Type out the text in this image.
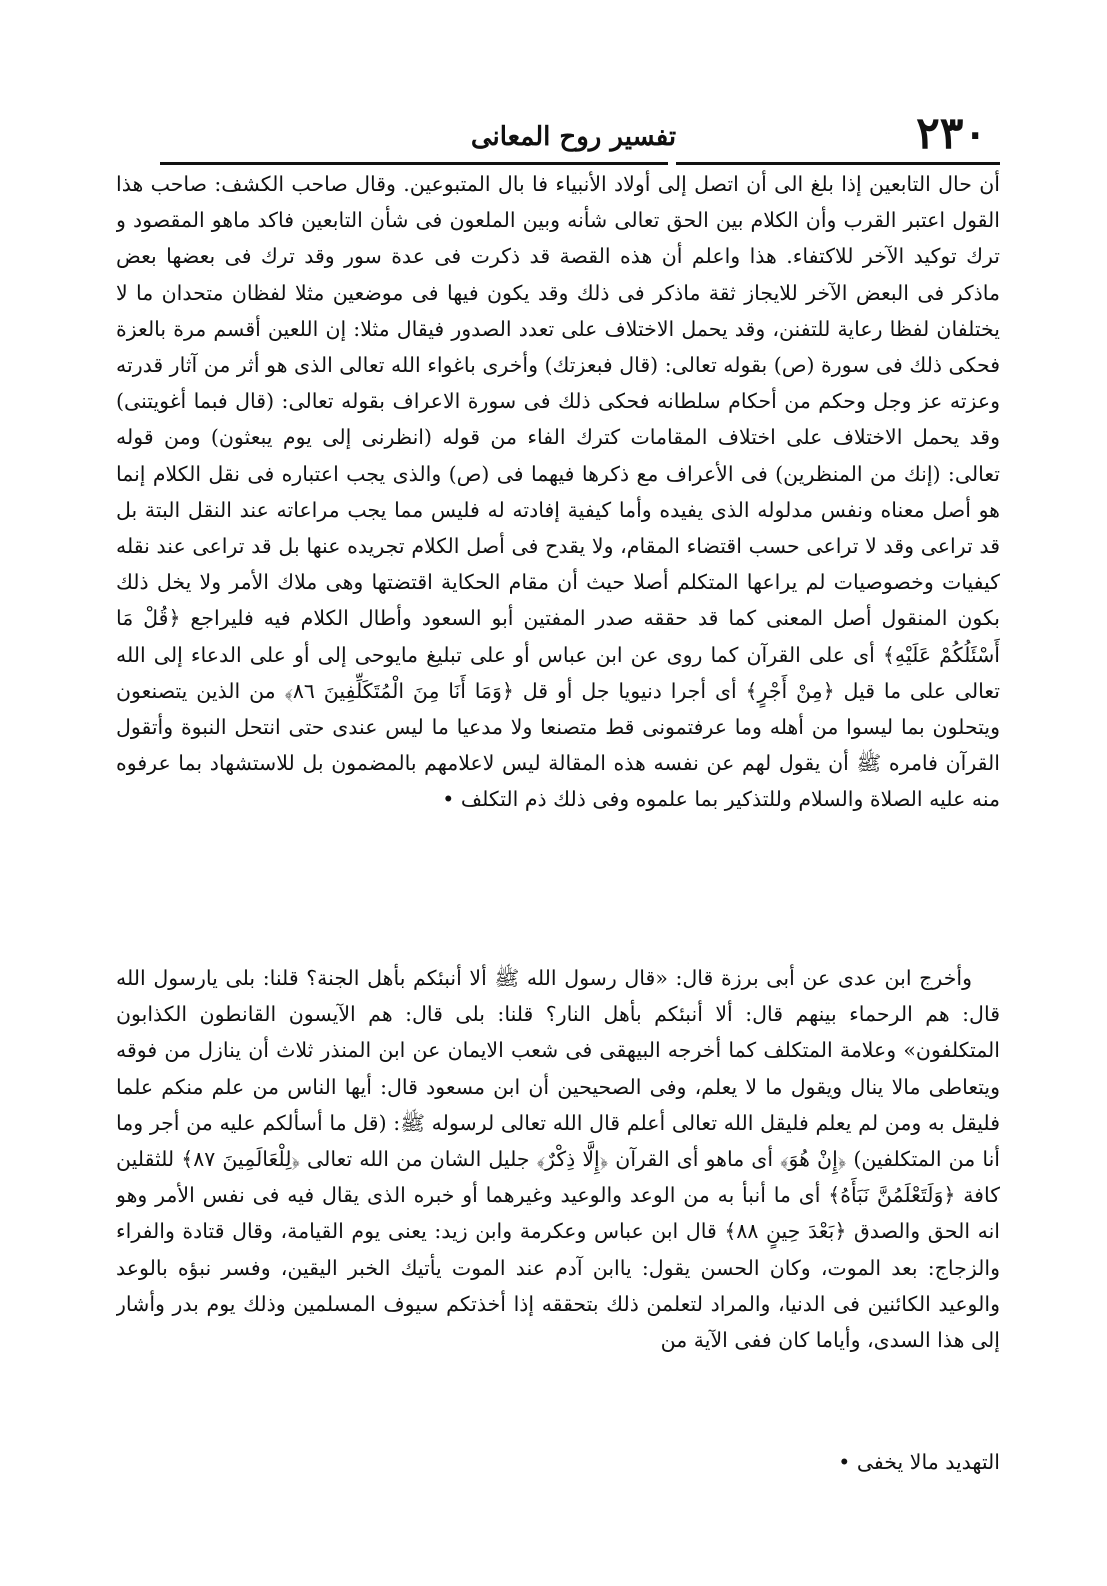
٢٣٠
تفسير روح المعانى
أن حال التابعين إذا بلغ الى أن اتصل إلى أولاد الأنبياء فا بال المتبوعين. وقال صاحب الكشف: صاحب هذا القول اعتبر القرب وأن الكلام بين الحق تعالى شأنه وبين الملعون فى شأن التابعين فاكد ماهو المقصود و ترك توكيد الآخر للاكتفاء. هذا واعلم أن هذه القصة قد ذكرت فى عدة سور وقد ترك فى بعضها بعض ماذكر فى البعض الآخر للايجاز ثقة ماذكر فى ذلك وقد يكون فيها فى موضعين مثلا لفظان متحدان ما لا يختلفان لفظا رعاية للتفنن، وقد يحمل الاختلاف على تعدد الصدور فيقال مثلا: إن اللعين أقسم مرة بالعزة فحكى ذلك فى سورة (ص) بقوله تعالى: (قال فبعزتك) وأخرى باغواء الله تعالى الذى هو أثر من آثار قدرته وعزته عز وجل وحكم من أحكام سلطانه فحكى ذلك فى سورة الاعراف بقوله تعالى: (قال فبما أغويتنى) وقد يحمل الاختلاف على اختلاف المقامات كترك الفاء من قوله (انظرنى إلى يوم يبعثون) ومن قوله تعالى: (إنك من المنظرين) فى الأعراف مع ذكرها فيهما فى (ص) والذى يجب اعتباره فى نقل الكلام إنما هو أصل معناه ونفس مدلوله الذى يفيده وأما كيفية إفادته له فليس مما يجب مراعاته عند النقل البتة بل قد تراعى وقد لا تراعى حسب اقتضاء المقام، ولا يقدح فى أصل الكلام تجريده عنها بل قد تراعى عند نقله كيفيات وخصوصيات لم يراعها المتكلم أصلا حيث أن مقام الحكاية اقتضتها وهى ملاك الأمر ولا يخل ذلك بكون المنقول أصل المعنى كما قد حققه صدر المفتين أبو السعود وأطال الكلام فيه فليراجع ﴿قُلْ مَا أَسْئَلُكُمْ عَلَيْهِ﴾ أى على القرآن كما روى عن ابن عباس أو على تبليغ مايوحى إلى أو على الدعاء إلى الله تعالى على ما قيل ﴿مِنْ أَجْرٍ﴾ أى أجرا دنيويا جل أو قل ﴿وَمَا أَنَا مِنَ الْمُتَكَلِّفِينَ ٨٦﴾ من الذين يتصنعون ويتحلون بما ليسوا من أهله وما عرفتمونى قط متصنعا ولا مدعيا ما ليس عندى حتى انتحل النبوة وأتقول القرآن فامره ﷺ أن يقول لهم عن نفسه هذه المقالة ليس لاعلامهم بالمضمون بل للاستشهاد بما عرفوه منه عليه الصلاة والسلام وللتذكير بما علموه وفى ذلك ذم التكلف •
وأخرج ابن عدى عن أبى برزة قال: «قال رسول الله ﷺ ألا أنبئكم بأهل الجنة؟ قلنا: بلى يارسول الله قال: هم الرحماء بينهم قال: ألا أنبئكم بأهل النار؟ قلنا: بلى قال: هم الآيسون القانطون الكذابون المتكلفون» وعلامة المتكلف كما أخرجه البيهقى فى شعب الايمان عن ابن المنذر ثلاث أن ينازل من فوقه ويتعاطى مالا ينال ويقول ما لا يعلم، وفى الصحيحين أن ابن مسعود قال: أيها الناس من علم منكم علما فليقل به ومن لم يعلم فليقل الله تعالى أعلم قال الله تعالى لرسوله ﷺ: (قل ما أسألكم عليه من أجر وما أنا من المتكلفين) ﴿إِنْ هُوَ﴾ أى ماهو أى القرآن ﴿إِلَّا ذِكْرٌ﴾ جليل الشان من الله تعالى ﴿لِلْعَالَمِينَ ٨٧﴾ للثقلين كافة ﴿وَلَتَعْلَمُنَّ نَبَأَهُ﴾ أى ما أنبأ به من الوعد والوعيد وغيرهما أو خبره الذى يقال فيه فى نفس الأمر وهو انه الحق والصدق ﴿بَعْدَ حِينٍ ٨٨﴾ قال ابن عباس وعكرمة وابن زيد: يعنى يوم القيامة، وقال قتادة والفراء والزجاج: بعد الموت، وكان الحسن يقول: ياابن آدم عند الموت يأتيك الخبر اليقين، وفسر نبؤه بالوعد والوعيد الكائنين فى الدنيا، والمراد لتعلمن ذلك بتحققه إذا أخذتكم سيوف المسلمين وذلك يوم بدر وأشار إلى هذا السدى، وأياما كان ففى الآية من
التهديد مالا يخفى •
